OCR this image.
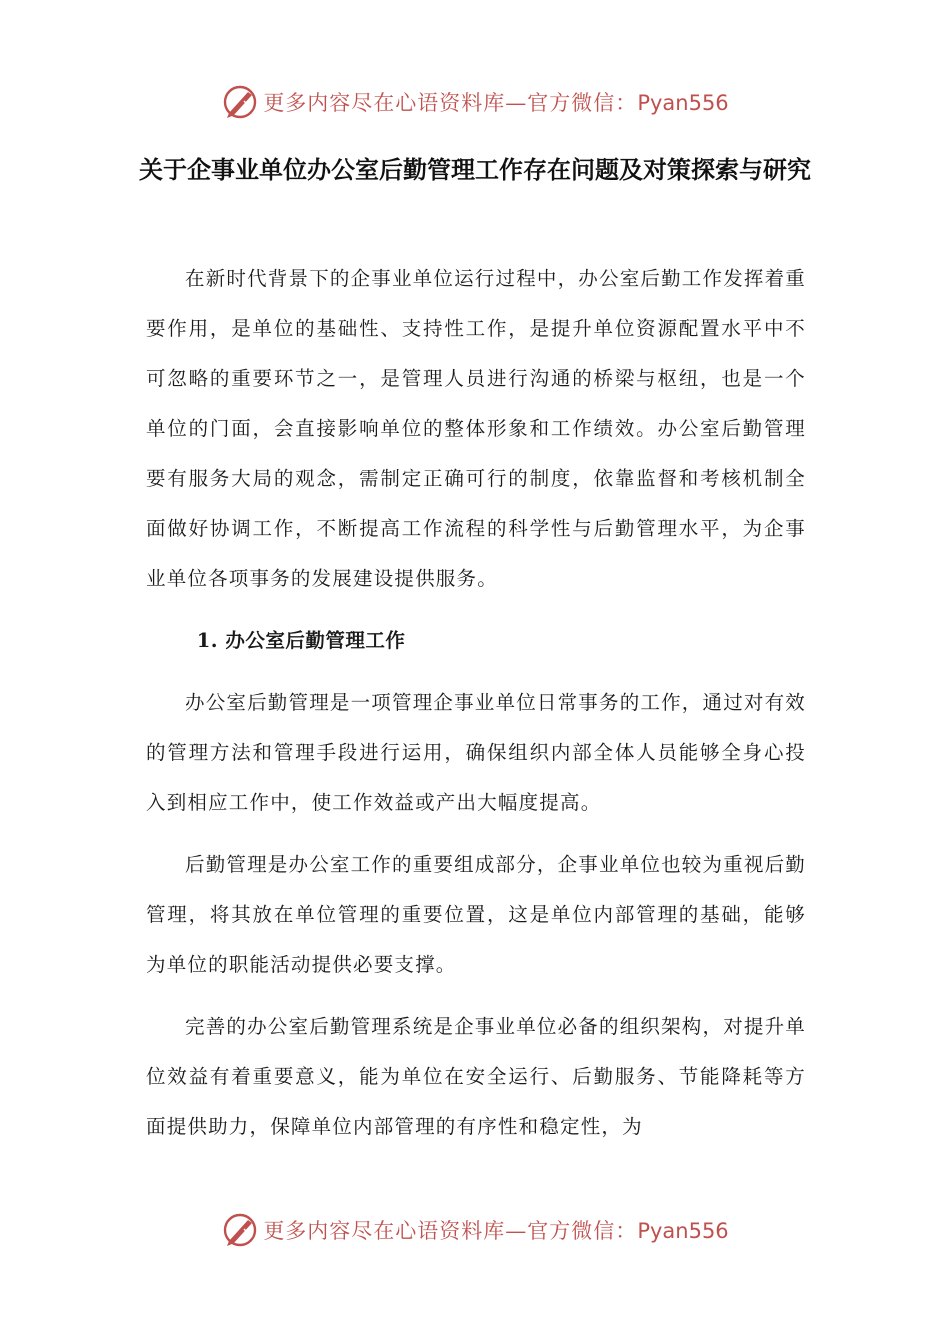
更多内容尽在心语资料库—官方微信：Pyan556
关于企事业单位办公室后勤管理工作存在问题及对策探索与研究

在新时代背景下的企事业单位运行过程中，办公室后勤工作发挥着重要作用，是单位的基础性、支持性工作，是提升单位资源配置水平中不可忽略的重要环节之一，是管理人员进行沟通的桥梁与枢纽，也是一个单位的门面，会直接影响单位的整体形象和工作绩效。办公室后勤管理要有服务大局的观念，需制定正确可行的制度，依靠监督和考核机制全面做好协调工作，不断提高工作流程的科学性与后勤管理水平，为企事业单位各项事务的发展建设提供服务。

1. 办公室后勤管理工作

办公室后勤管理是一项管理企事业单位日常事务的工作，通过对有效的管理方法和管理手段进行运用，确保组织内部全体人员能够全身心投入到相应工作中，使工作效益或产出大幅度提高。

后勤管理是办公室工作的重要组成部分，企事业单位也较为重视后勤管理，将其放在单位管理的重要位置，这是单位内部管理的基础，能够为单位的职能活动提供必要支撑。

完善的办公室后勤管理系统是企事业单位必备的组织架构，对提升单位效益有着重要意义，能为单位在安全运行、后勤服务、节能降耗等方面提供助力，保障单位内部管理的有序性和稳定性，为

更多内容尽在心语资料库—官方微信：Pyan556
